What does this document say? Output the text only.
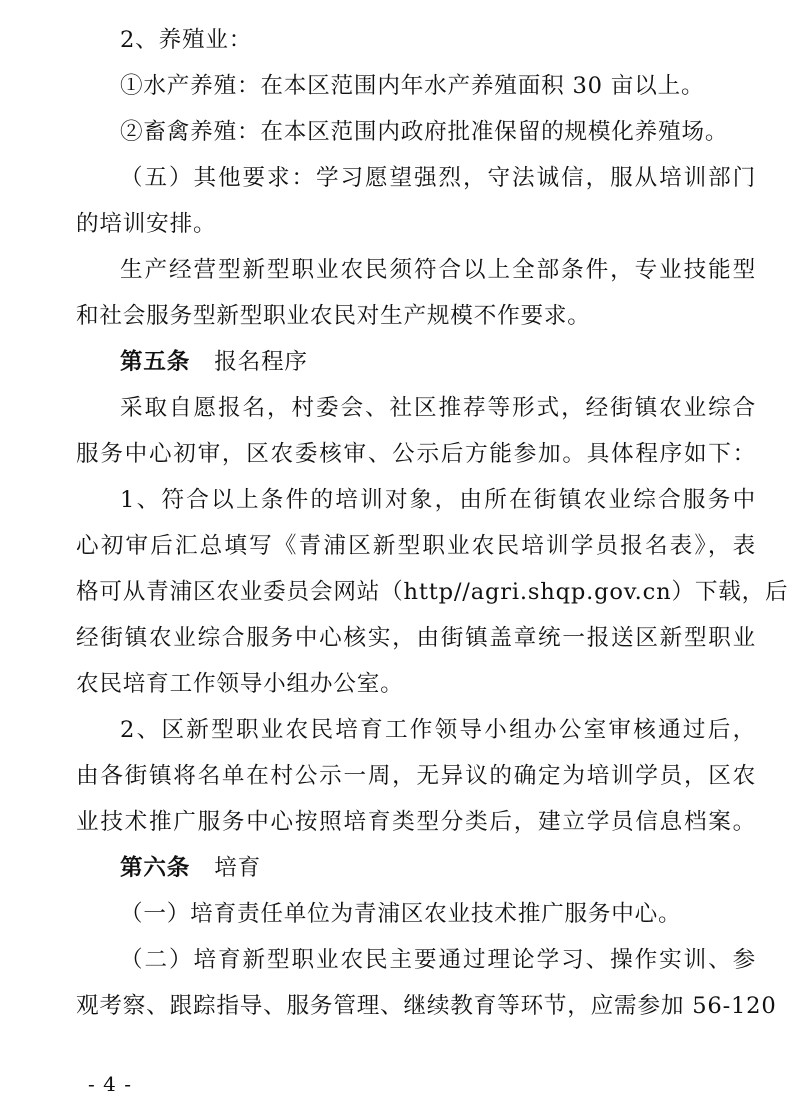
2、养殖业：
①水产养殖：在本区范围内年水产养殖面积 30 亩以上。
②畜禽养殖：在本区范围内政府批准保留的规模化养殖场。
（五）其他要求：学习愿望强烈，守法诚信，服从培训部门
的培训安排。
生产经营型新型职业农民须符合以上全部条件，专业技能型
和社会服务型新型职业农民对生产规模不作要求。
第五条 报名程序
采取自愿报名，村委会、社区推荐等形式，经街镇农业综合
服务中心初审，区农委核审、公示后方能参加。具体程序如下：
1、符合以上条件的培训对象，由所在街镇农业综合服务中
心初审后汇总填写《青浦区新型职业农民培训学员报名表》，表
格可从青浦区农业委员会网站（http//agri.shqp.gov.cn）下载，后
经街镇农业综合服务中心核实，由街镇盖章统一报送区新型职业
农民培育工作领导小组办公室。
2、区新型职业农民培育工作领导小组办公室审核通过后，
由各街镇将名单在村公示一周，无异议的确定为培训学员，区农
业技术推广服务中心按照培育类型分类后，建立学员信息档案。
第六条 培育
（一）培育责任单位为青浦区农业技术推广服务中心。
（二）培育新型职业农民主要通过理论学习、操作实训、参
观考察、跟踪指导、服务管理、继续教育等环节，应需参加 56-120
- 4 -
